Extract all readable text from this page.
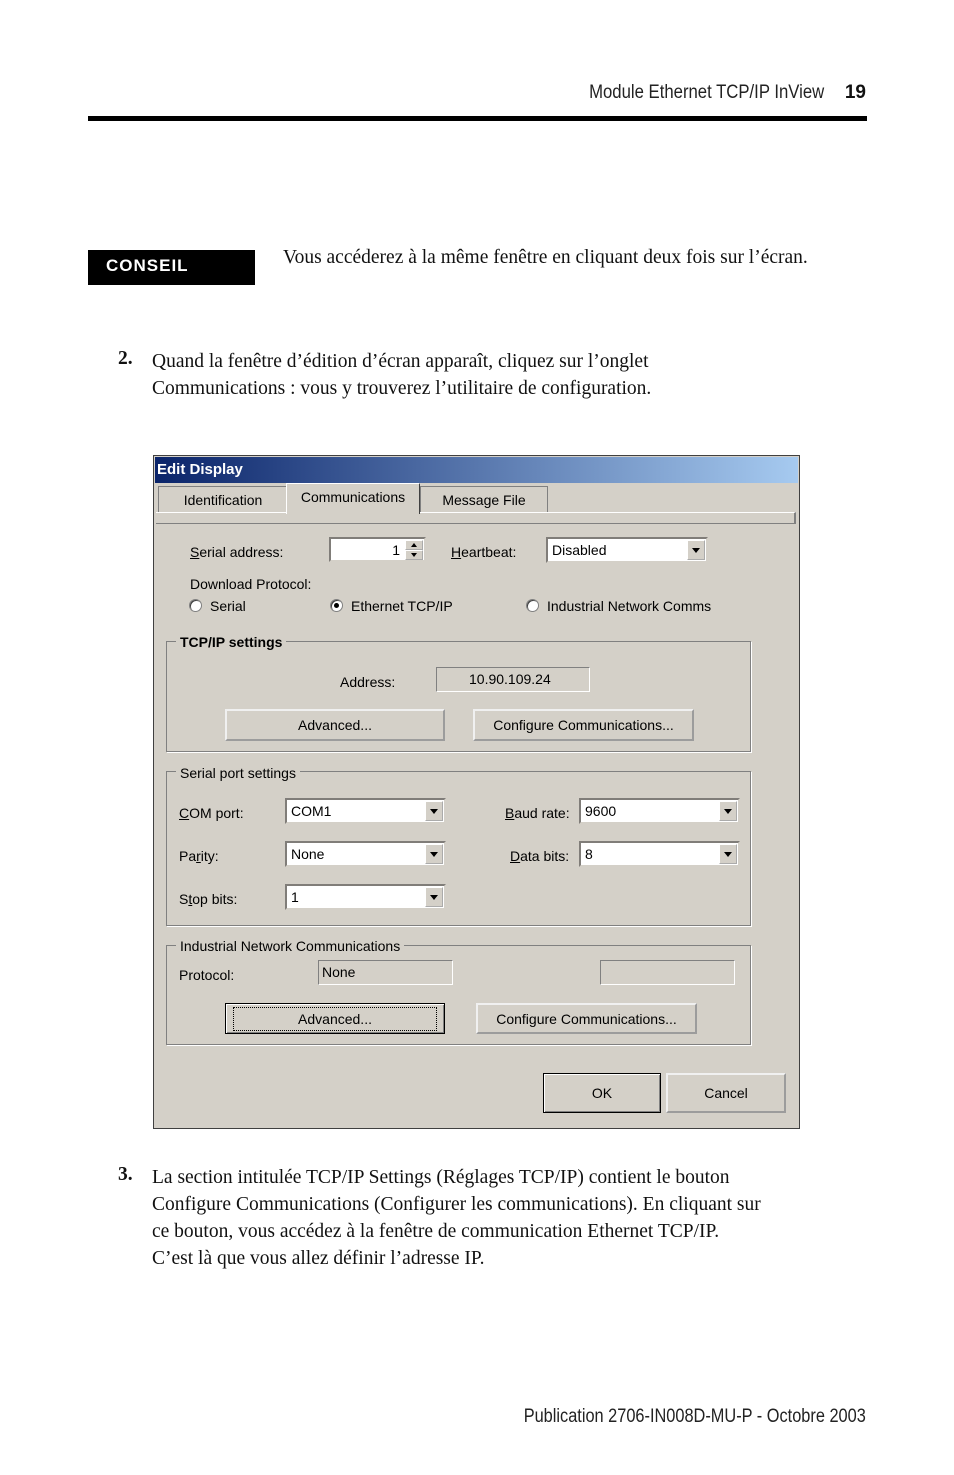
Module Ethernet TCP/IP InView 19
CONSEIL	Vous accéderez à la même fenêtre en cliquant deux fois sur l’écran.
2. Quand la fenêtre d’édition d’écran apparaît, cliquez sur l’onglet
Communications : vous y trouverez l’utilitaire de configuration.
Edit Display
Identification	Communications	Message File
Serial address:	1	Heartbeat:	Disabled
Download Protocol:
Serial	Ethernet TCP/IP	Industrial Network Comms
TCP/IP settings
Address:	10.90.109.24
Advanced...	Configure Communications...
Serial port settings
COM port:	COM1	Baud rate: 9600
Parity:	None	Data bits: 8
Stop bits:	1
Industrial Network Communications
Protocol:	None
Advanced...	Configure Communications...
OK	Cancel
3. La section intitulée TCP/IP Settings (Réglages TCP/IP) contient le bouton
Configure Communications (Configurer les communications). En cliquant sur
ce bouton, vous accédez à la fenêtre de communication Ethernet TCP/IP.
C’est là que vous allez définir l’adresse IP.
Publication 2706-IN008D-MU-P - Octobre 2003
